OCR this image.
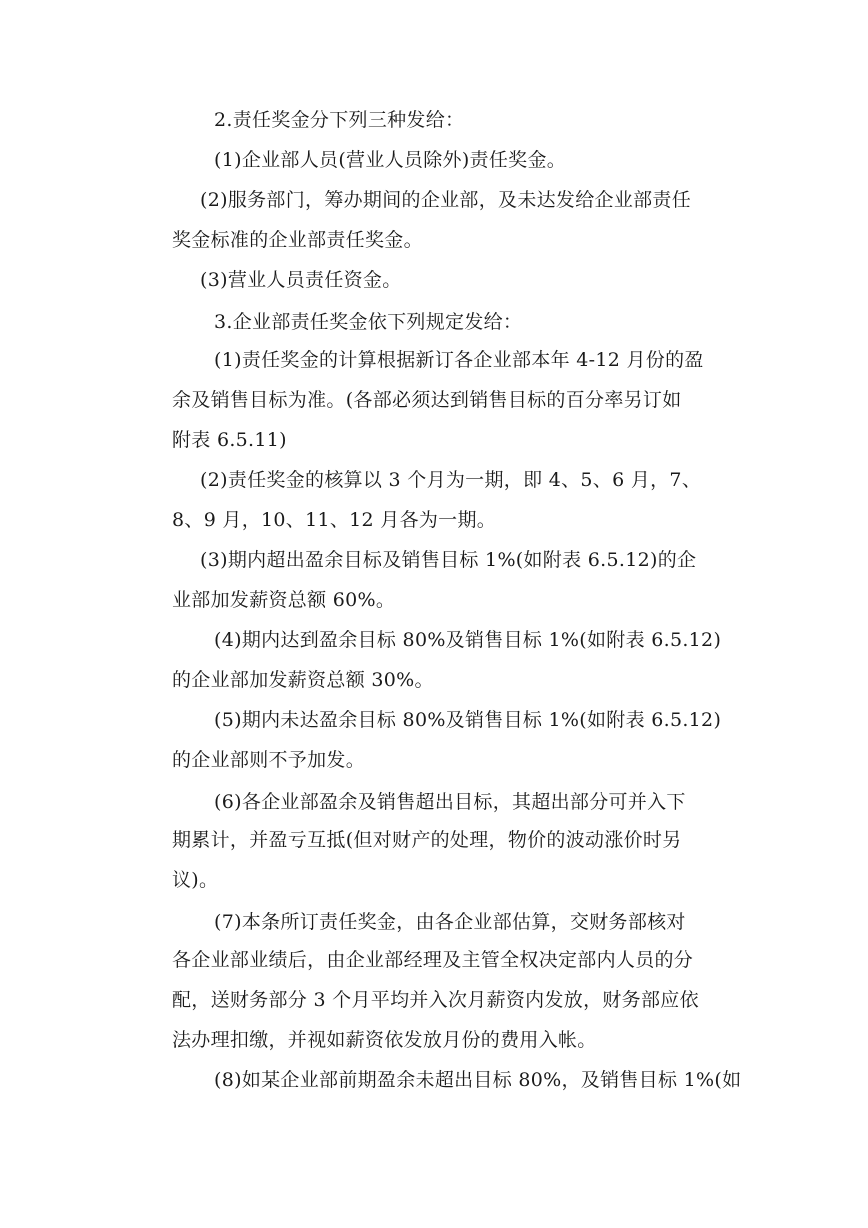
2.责任奖金分下列三种发给：
(1)企业部人员(营业人员除外)责任奖金。
(2)服务部门，筹办期间的企业部，及未达发给企业部责任
奖金标准的企业部责任奖金。
(3)营业人员责任资金。
3.企业部责任奖金依下列规定发给：
(1)责任奖金的计算根据新订各企业部本年 4-12 月份的盈
余及销售目标为准。(各部必须达到销售目标的百分率另订如
附表 6.5.11)
(2)责任奖金的核算以 3 个月为一期，即 4、5、6 月，7、
8、9 月，10、11、12 月各为一期。
(3)期内超出盈余目标及销售目标 1%(如附表 6.5.12)的企
业部加发薪资总额 60%。
(4)期内达到盈余目标 80%及销售目标 1%(如附表 6.5.12)
的企业部加发薪资总额 30%。
(5)期内未达盈余目标 80%及销售目标 1%(如附表 6.5.12)
的企业部则不予加发。
(6)各企业部盈余及销售超出目标，其超出部分可并入下
期累计，并盈亏互抵(但对财产的处理，物价的波动涨价时另
议)。
(7)本条所订责任奖金，由各企业部估算，交财务部核对
各企业部业绩后，由企业部经理及主管全权决定部内人员的分
配，送财务部分 3 个月平均并入次月薪资内发放，财务部应依
法办理扣缴，并视如薪资依发放月份的费用入帐。
(8)如某企业部前期盈余未超出目标 80%，及销售目标 1%(如
